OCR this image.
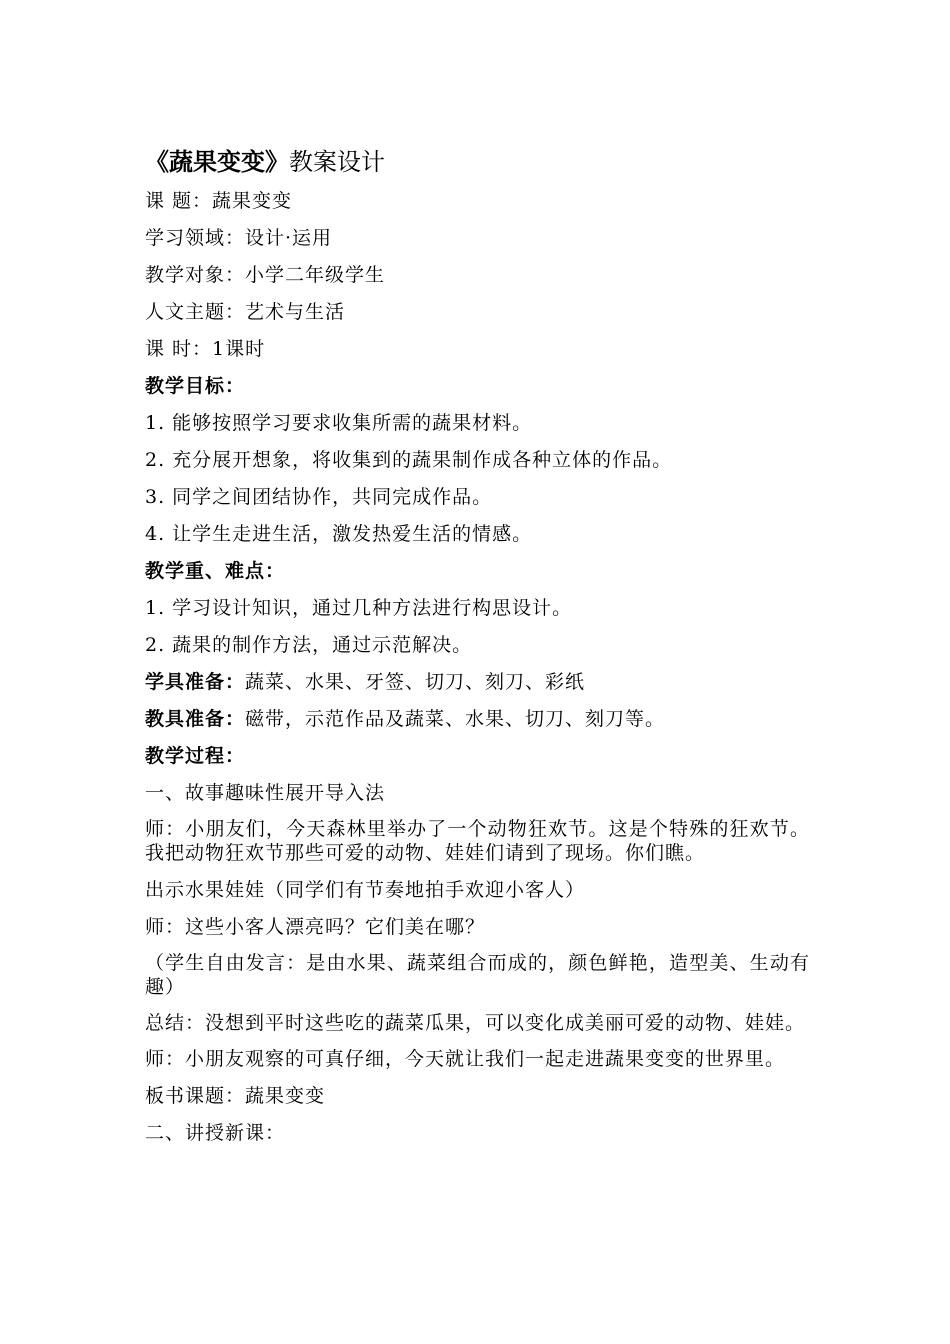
《蔬果变变》教案设计
课 题：蔬果变变
学习领域：设计·运用
教学对象：小学二年级学生
人文主题：艺术与生活
课 时：1课时
教学目标：
1. 能够按照学习要求收集所需的蔬果材料。
2. 充分展开想象，将收集到的蔬果制作成各种立体的作品。
3. 同学之间团结协作，共同完成作品。
4. 让学生走进生活，激发热爱生活的情感。
教学重、难点：
1. 学习设计知识，通过几种方法进行构思设计。
2. 蔬果的制作方法，通过示范解决。
学具准备：蔬菜、水果、牙签、切刀、刻刀、彩纸
教具准备：磁带，示范作品及蔬菜、水果、切刀、刻刀等。
教学过程：
一、故事趣味性展开导入法
师：小朋友们，今天森林里举办了一个动物狂欢节。这是个特殊的狂欢节。我把动物狂欢节那些可爱的动物、娃娃们请到了现场。你们瞧。
出示水果娃娃（同学们有节奏地拍手欢迎小客人）
师：这些小客人漂亮吗？它们美在哪？
（学生自由发言：是由水果、蔬菜组合而成的，颜色鲜艳，造型美、生动有趣）
总结：没想到平时这些吃的蔬菜瓜果，可以变化成美丽可爱的动物、娃娃。
师：小朋友观察的可真仔细，今天就让我们一起走进蔬果变变的世界里。
板书课题：蔬果变变
二、讲授新课：
